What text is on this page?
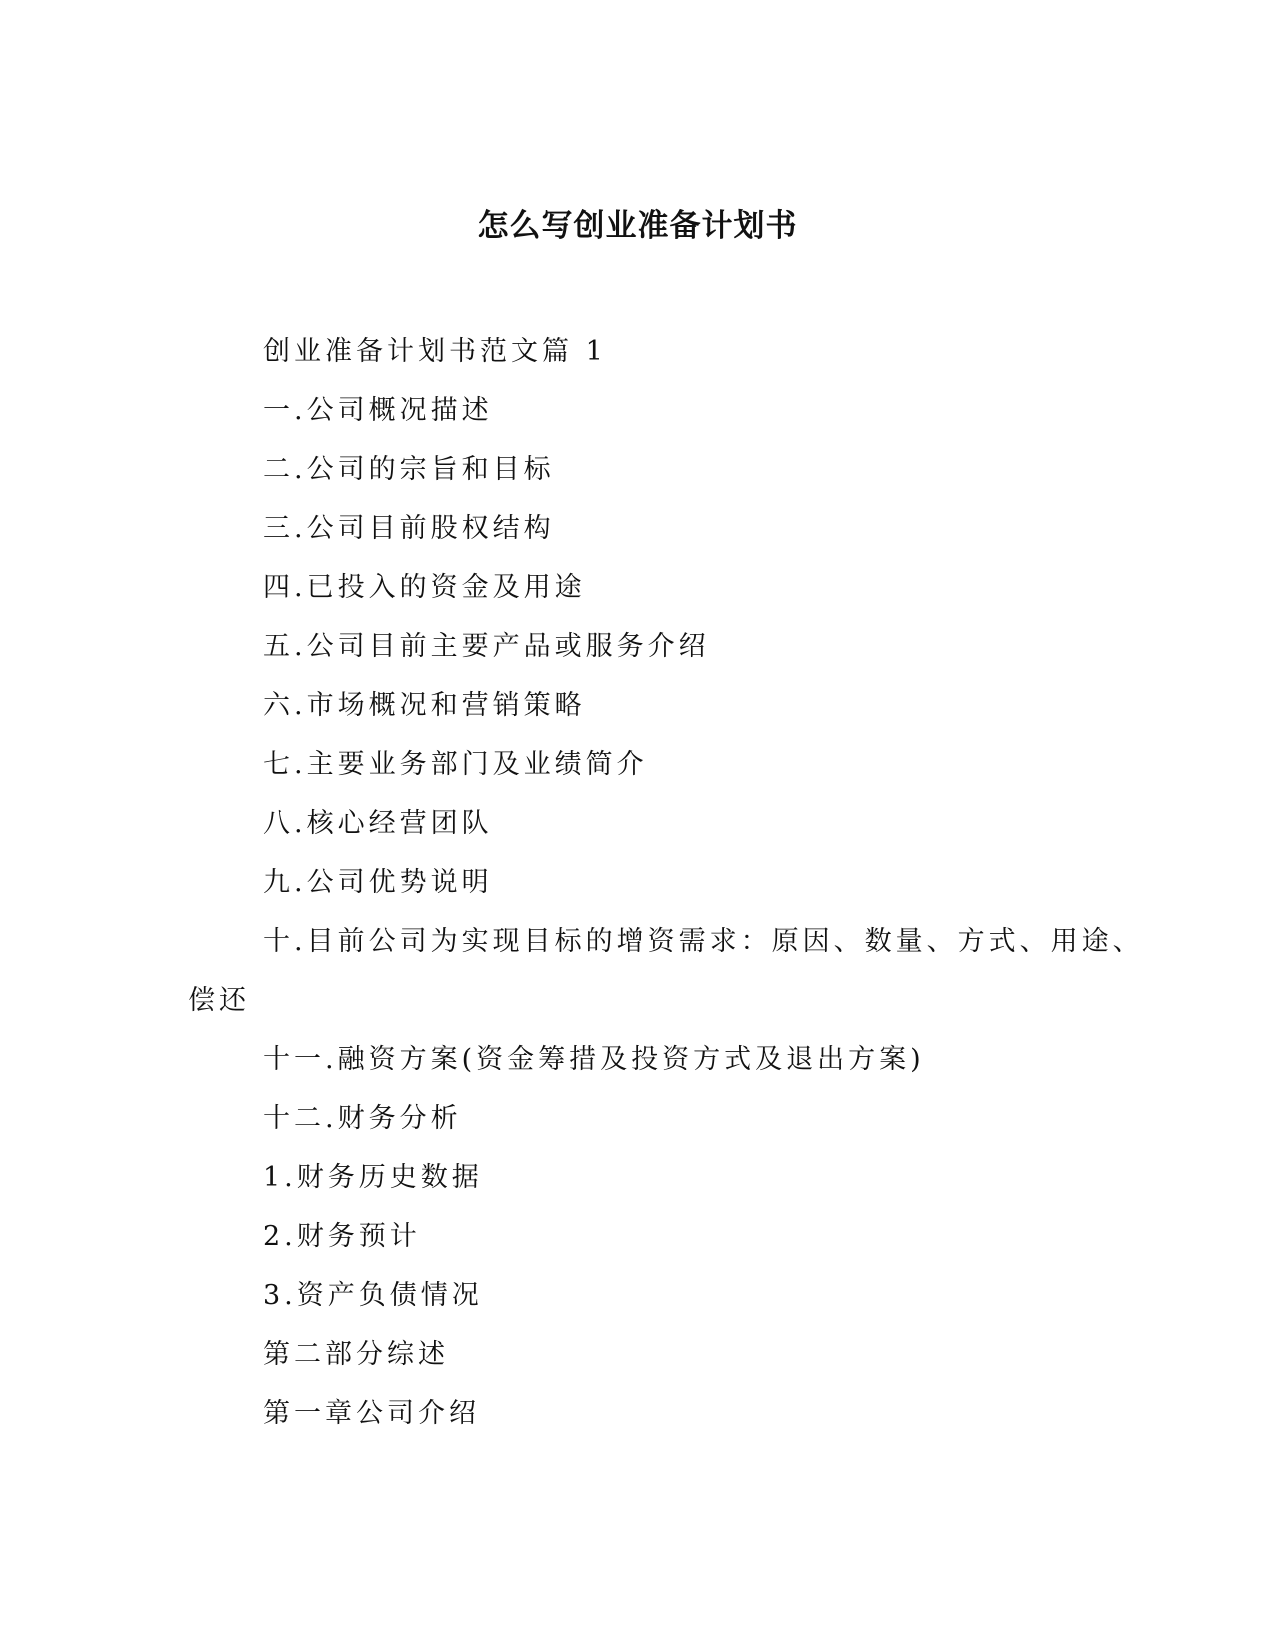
怎么写创业准备计划书
创业准备计划书范文篇 1
一.公司概况描述
二.公司的宗旨和目标
三.公司目前股权结构
四.已投入的资金及用途
五.公司目前主要产品或服务介绍
六.市场概况和营销策略
七.主要业务部门及业绩简介
八.核心经营团队
九.公司优势说明
十.目前公司为实现目标的增资需求：原因、数量、方式、用途、
偿还
十一.融资方案(资金筹措及投资方式及退出方案)
十二.财务分析
1.财务历史数据
2.财务预计
3.资产负债情况
第二部分综述
第一章公司介绍
